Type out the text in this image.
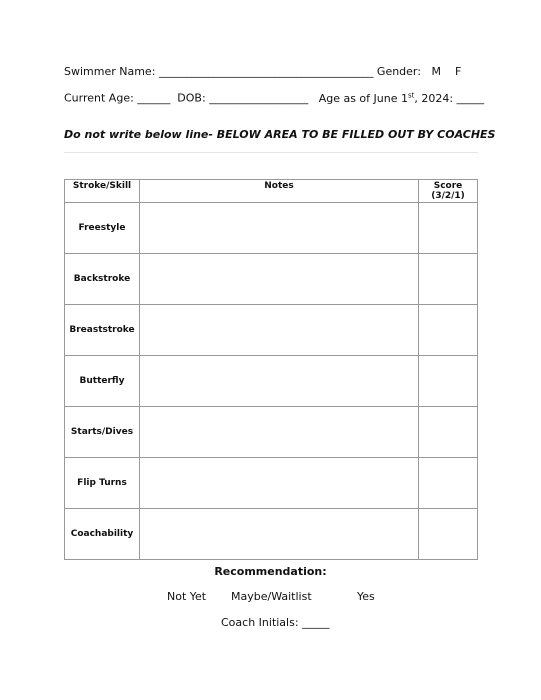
Swimmer Name: _______________________________________ Gender: M F
Current Age: ______ DOB: __________________ Age as of June 1st, 2024: _____
Do not write below line- BELOW AREA TO BE FILLED OUT BY COACHES
Stroke/Skill	Notes	Score
(3/2/1)
Freestyle		
Backstroke		
Breaststroke		
Butterfly		
Starts/Dives		
Flip Turns		
Coachability		
Recommendation:
Not Yet Maybe/Waitlist	Yes
Coach Initials: _____
